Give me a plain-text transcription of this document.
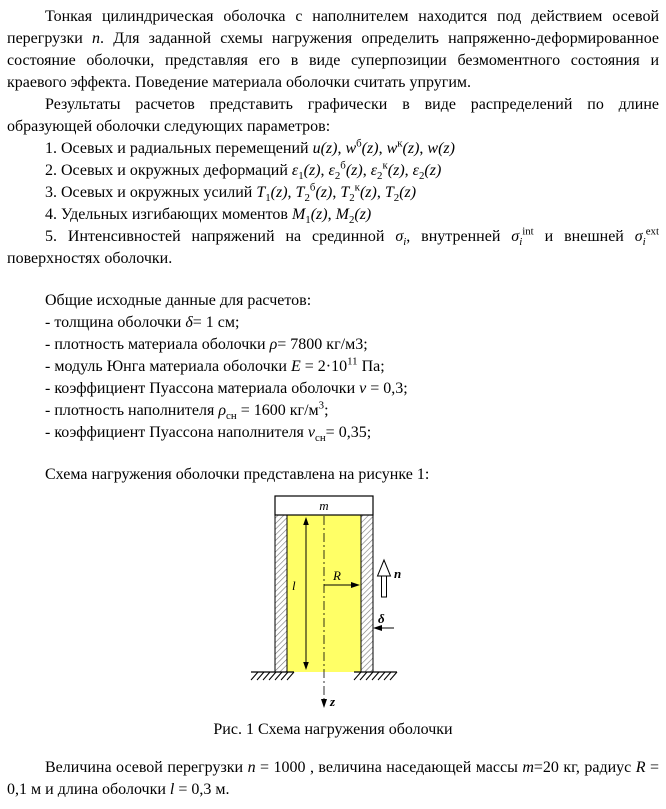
Тонкая цилиндрическая оболочка с наполнителем находится под действием осевой перегрузки n. Для заданной схемы нагружения определить напряженно-деформированное состояние оболочки, представляя его в виде суперпозиции безмоментного состояния и краевого эффекта. Поведение материала оболочки считать упругим.

Результаты расчетов представить графически в виде распределений по длине образующей оболочки следующих параметров:

1. Осевых и радиальных перемещений u(z), $w^б(z)$, $w^к(z)$, w(z)

2. Осевых и окружных деформаций $\varepsilon_1(z)$, $\varepsilon_2^б(z)$, $\varepsilon_2^к(z)$, $\varepsilon_2(z)$

3. Осевых и окружных усилий $T_1(z)$, $T_2^б(z)$, $T_2^к(z)$, $T_2(z)$

4. Удельных изгибающих моментов $M_1(z)$, $M_2(z)$

5. Интенсивностей напряжений на срединной $\sigma_i$, внутренней $\sigma_i^{int}$ и внешней $\sigma_i^{ext}$ поверхностях оболочки.

Общие исходные данные для расчетов:

- толщина оболочки δ= 1 см;

- плотность материала оболочки ρ= 7800 кг/м3;

- модуль Юнга материала оболочки $E = 2\cdot 10^{11}$ Па;

- коэффициент Пуассона материала оболочки ν = 0,3;

- плотность наполнителя $\rho_{сн} = 1600$ $кг/м^3$;

- коэффициент Пуассона наполнителя $\nu_{сн}= 0,35$;

Схема нагружения оболочки представлена на рисунке 1:

m
l
R	n
δ
z

Рис. 1 Схема нагружения оболочки

Величина осевой перегрузки n = 1000 , величина наседающей массы m=20 кг, радиус R = 0,1 м и длина оболочки l = 0,3 м.
